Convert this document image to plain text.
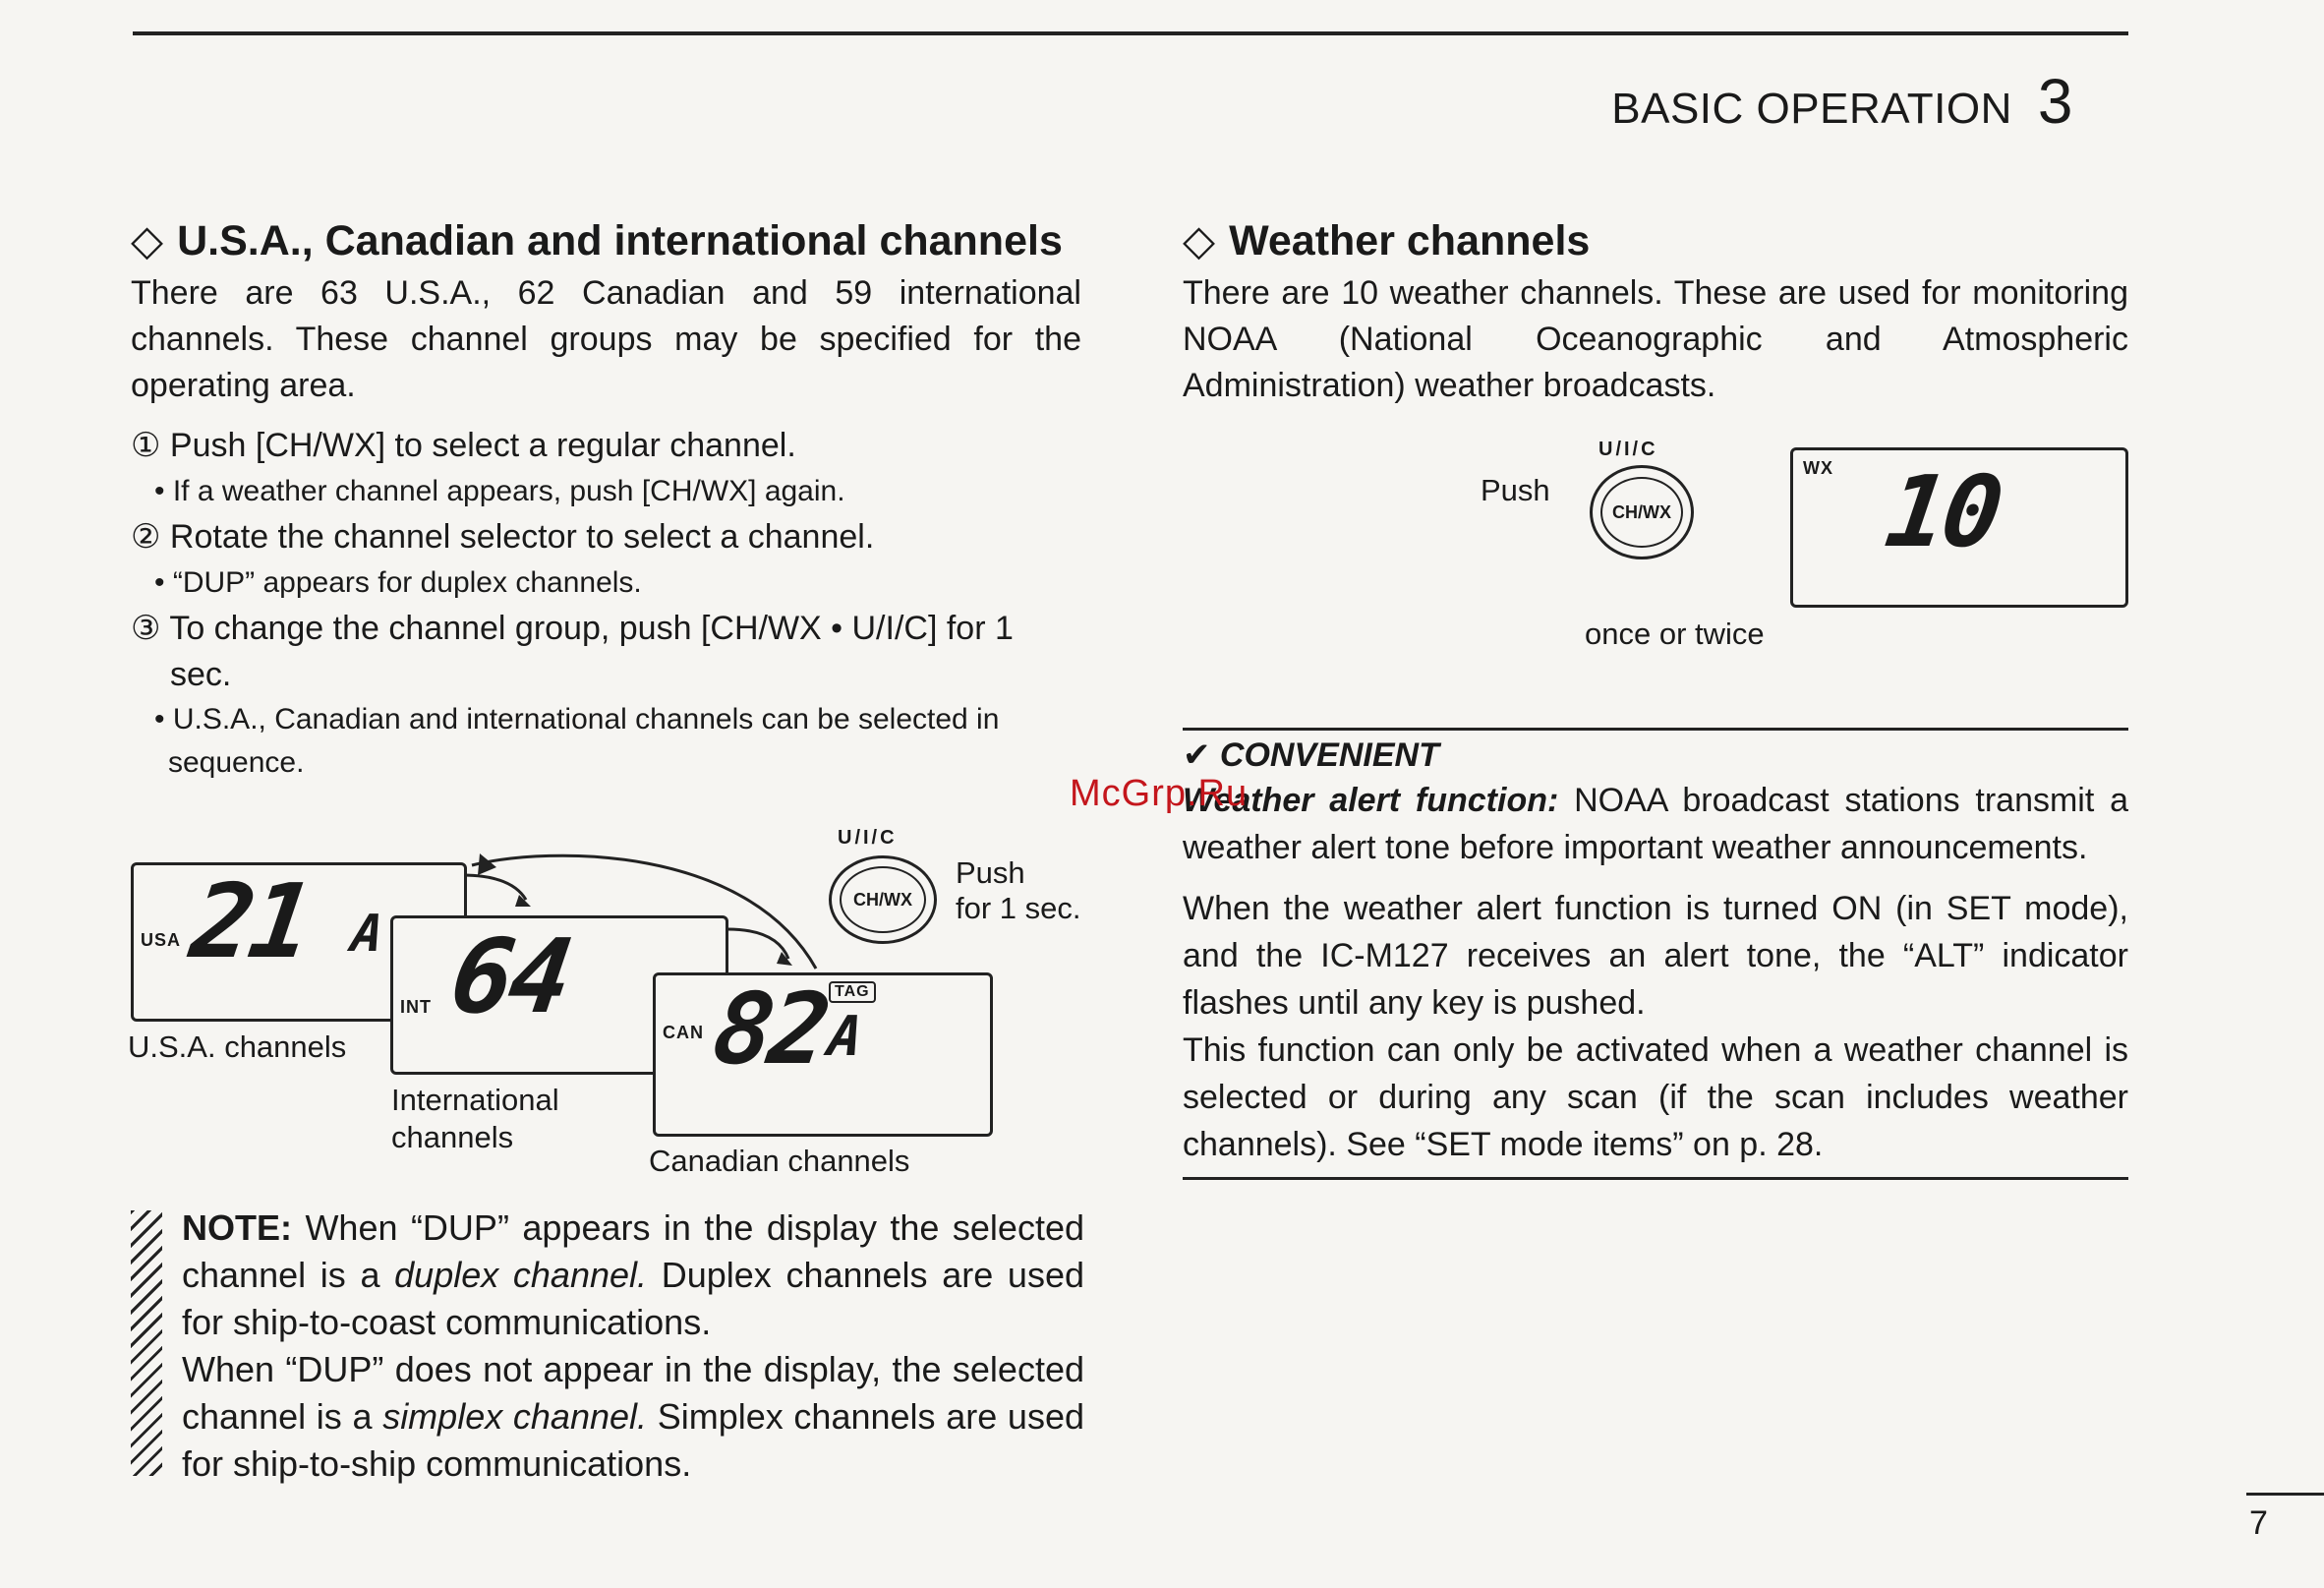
BASIC OPERATION 3
◇ U.S.A., Canadian and international channels

There are 63 U.S.A., 62 Canadian and 59 international channels. These channel groups may be specified for the operating area.

① Push [CH/WX] to select a regular channel.

• If a weather channel appears, push [CH/WX] again.

② Rotate the channel selector to select a channel.

• “DUP” appears for duplex channels.

③ To change the channel group, push [CH/WX • U/I/C] for 1 sec.

• U.S.A., Canadian and international channels can be selected in sequence.

USA 21 A
U.S.A. channels
INT 64
International
channels
CAN 82
A
TAG
Canadian channels
U/I/C
CH/WX
Push
for 1 sec.

NOTE: When “DUP” appears in the display the selected channel is a duplex channel. Duplex channels are used for ship-to-coast communications.

When “DUP” does not appear in the display, the selected channel is a simplex channel. Simplex channels are used for ship-to-ship communications.

◇ Weather channels

There are 10 weather channels. These are used for monitoring NOAA (National Oceanographic and Atmospheric Administration) weather broadcasts.

Push
U/I/C
CH/WX
WX 10
once or twice
✔ CONVENIENT

Weather alert function: NOAA broadcast stations transmit a weather alert tone before important weather announcements.

When the weather alert function is turned ON (in SET mode), and the IC-M127 receives an alert tone, the “ALT” indicator flashes until any key is pushed.

This function can only be activated when a weather channel is selected or during any scan (if the scan includes weather channels). See “SET mode items” on p. 28.

McGrp.Ru
7
